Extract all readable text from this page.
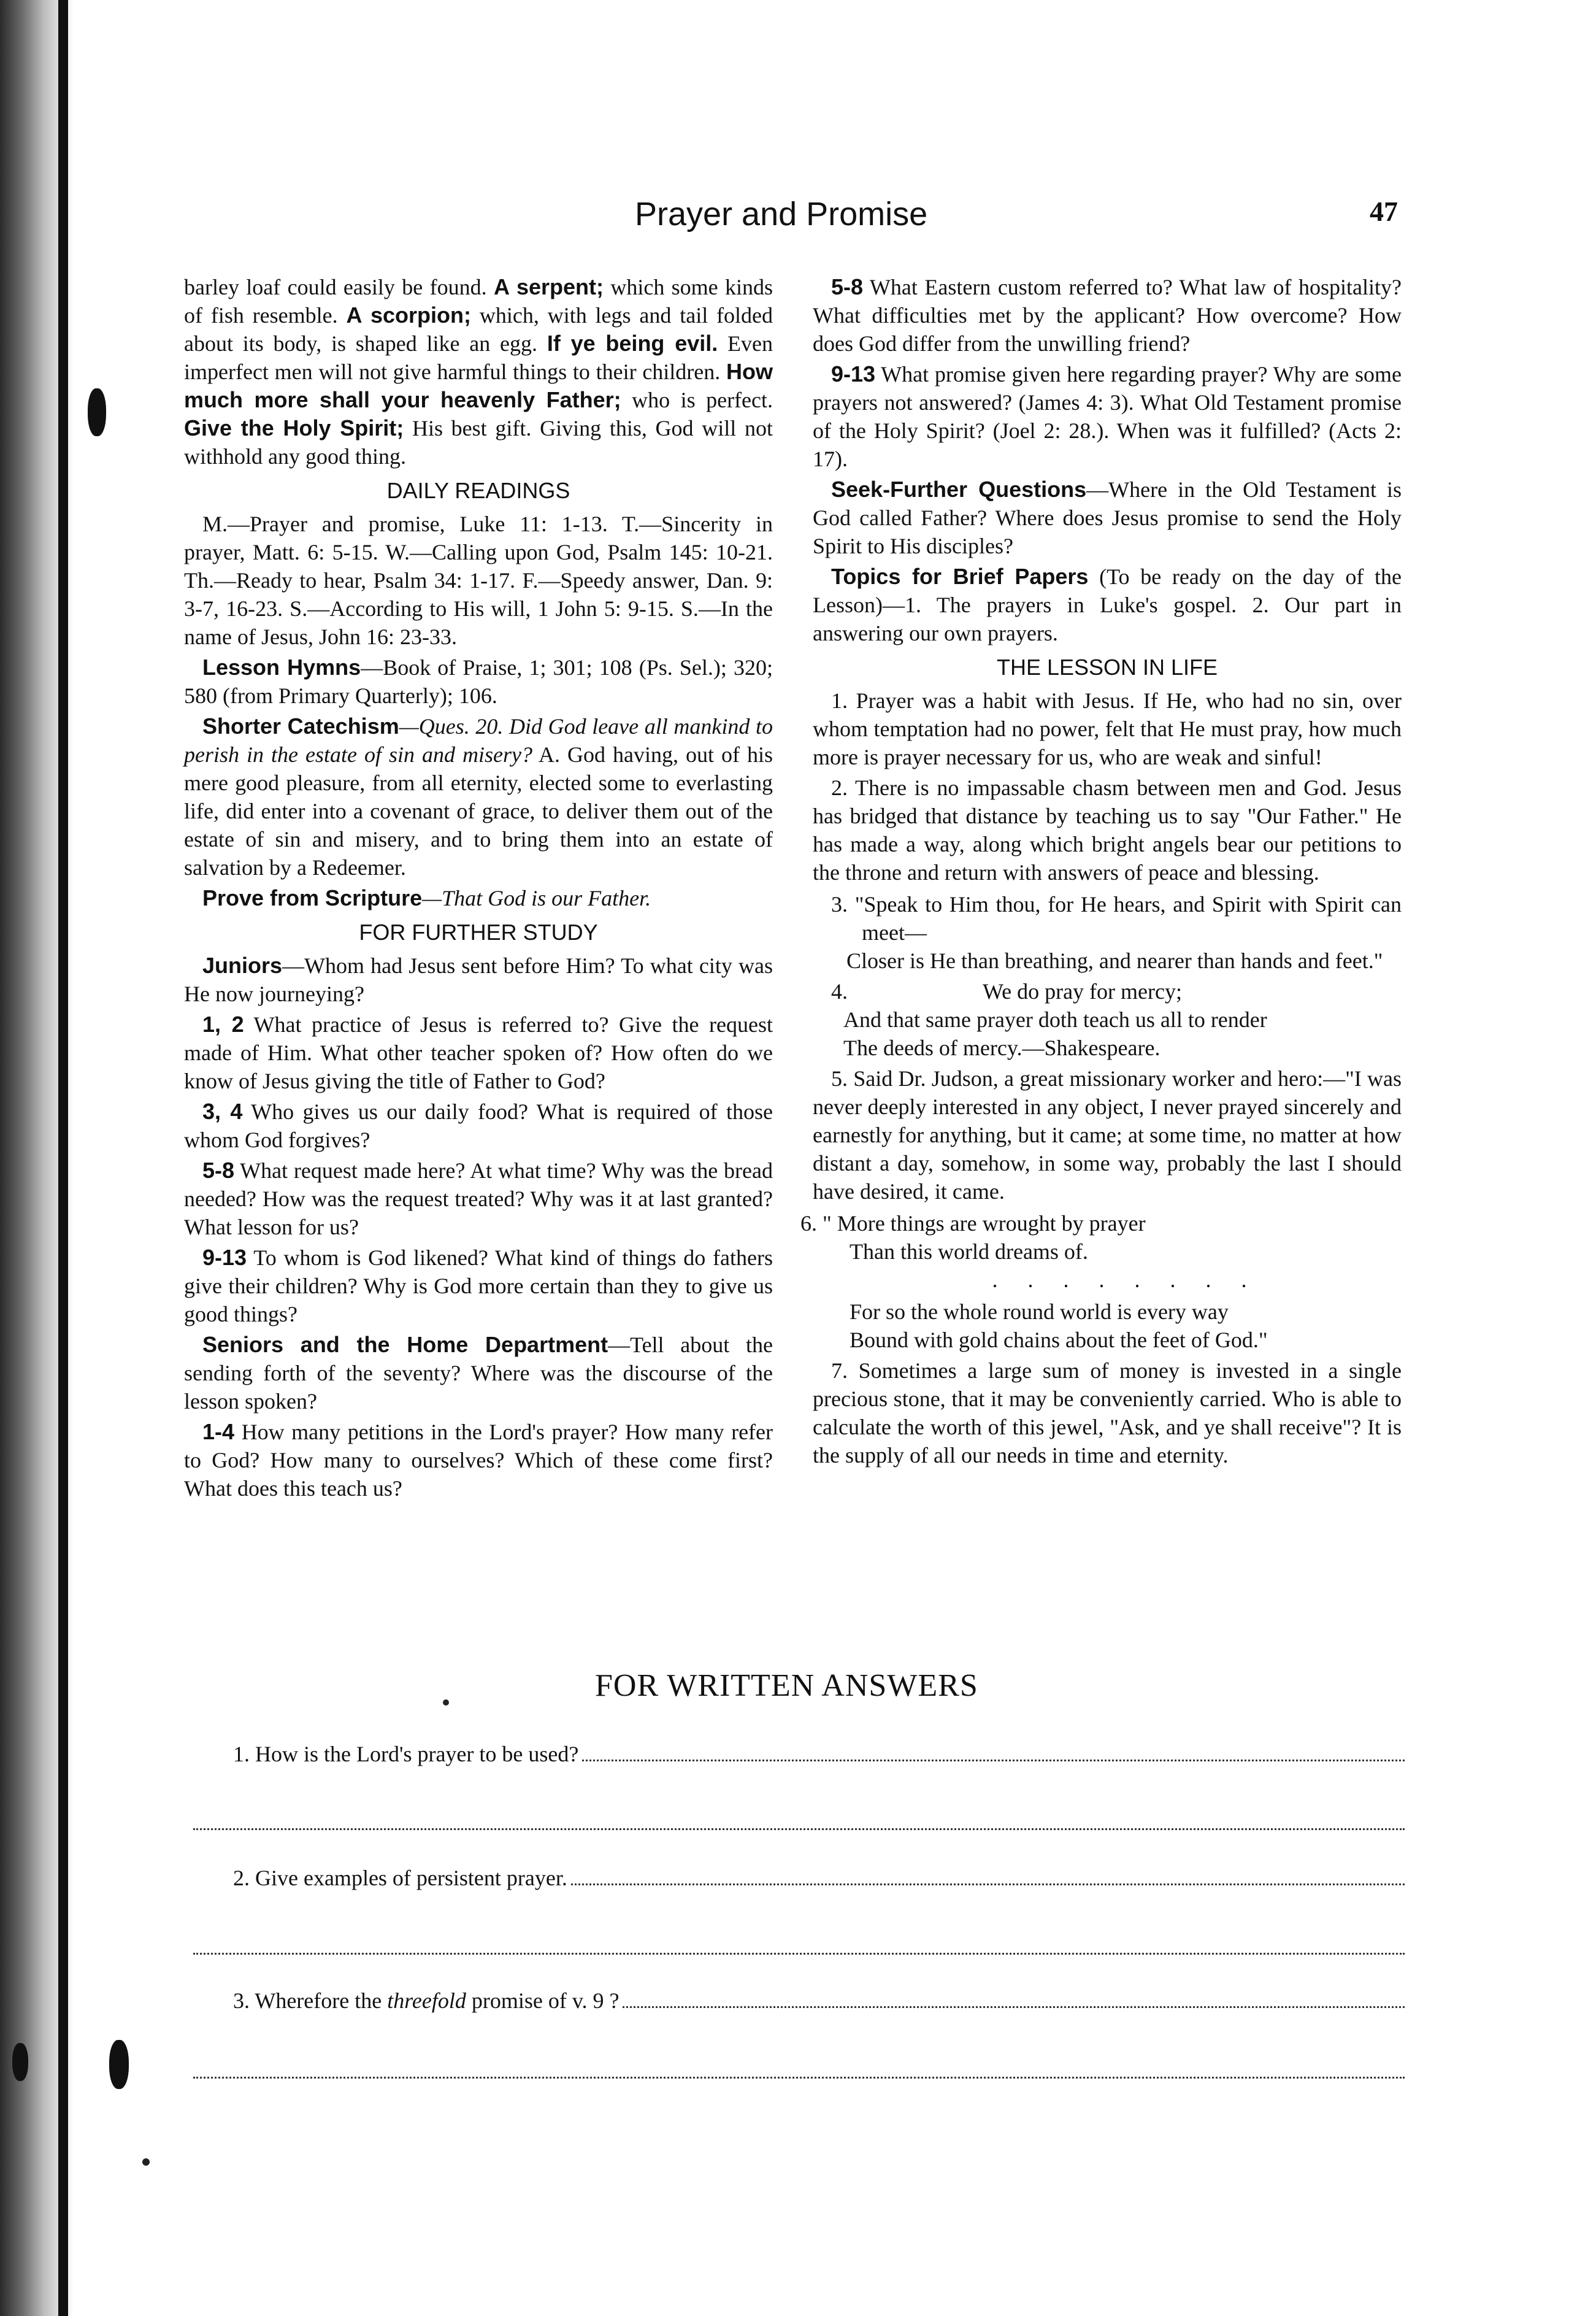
Prayer and Promise	47

barley loaf could easily be found. A serpent; which some kinds of fish resemble. A scorpion; which, with legs and tail folded about its body, is shaped like an egg. If ye being evil. Even imperfect men will not give harmful things to their children. How much more shall your heavenly Father; who is perfect. Give the Holy Spirit; His best gift. Giving this, God will not withhold any good thing.

DAILY READINGS

M.—Prayer and promise, Luke 11: 1-13. T.—Sincerity in prayer, Matt. 6: 5-15. W.—Calling upon God, Psalm 145: 10-21. Th.—Ready to hear, Psalm 34: 1-17. F.—Speedy answer, Dan. 9: 3-7, 16-23. S.—According to His will, 1 John 5: 9-15. S.—In the name of Jesus, John 16: 23-33.

Lesson Hymns—Book of Praise, 1; 301; 108 (Ps. Sel.); 320; 580 (from Primary Quarterly); 106.

Shorter Catechism—Ques. 20. Did God leave all mankind to perish in the estate of sin and misery? A. God having, out of his mere good pleasure, from all eternity, elected some to everlasting life, did enter into a covenant of grace, to deliver them out of the estate of sin and misery, and to bring them into an estate of salvation by a Redeemer.

Prove from Scripture—That God is our Father.

FOR FURTHER STUDY

Juniors—Whom had Jesus sent before Him? To what city was He now journeying?

1, 2 What practice of Jesus is referred to? Give the request made of Him. What other teacher spoken of? How often do we know of Jesus giving the title of Father to God?

3, 4 Who gives us our daily food? What is required of those whom God forgives?

5-8 What request made here? At what time? Why was the bread needed? How was the request treated? Why was it at last granted? What lesson for us?

9-13 To whom is God likened? What kind of things do fathers give their children? Why is God more certain than they to give us good things?

Seniors and the Home Department—Tell about the sending forth of the seventy? Where was the discourse of the lesson spoken?

1-4 How many petitions in the Lord's prayer? How many refer to God? How many to ourselves? Which of these come first? What does this teach us?

5-8 What Eastern custom referred to? What law of hospitality? What difficulties met by the applicant? How overcome? How does God differ from the unwilling friend?

9-13 What promise given here regarding prayer? Why are some prayers not answered? (James 4: 3). What Old Testament promise of the Holy Spirit? (Joel 2: 28.). When was it fulfilled? (Acts 2: 17).

Seek-Further Questions—Where in the Old Testament is God called Father? Where does Jesus promise to send the Holy Spirit to His disciples?

Topics for Brief Papers (To be ready on the day of the Lesson)—1. The prayers in Luke's gospel. 2. Our part in answering our own prayers.

THE LESSON IN LIFE

1. Prayer was a habit with Jesus. If He, who had no sin, over whom temptation had no power, felt that He must pray, how much more is prayer necessary for us, who are weak and sinful!

2. There is no impassable chasm between men and God. Jesus has bridged that distance by teaching us to say "Our Father." He has made a way, along which bright angels bear our petitions to the throne and return with answers of peace and blessing.

3. "Speak to Him thou, for He hears, and Spirit with Spirit can meet—
Closer is He than breathing, and nearer than hands and feet."
4.	We do pray for mercy;
And that same prayer doth teach us all to render
The deeds of mercy.—Shakespeare.

5. Said Dr. Judson, a great missionary worker and hero:—"I was never deeply interested in any object, I never prayed sincerely and earnestly for anything, but it came; at some time, no matter at how distant a day, somehow, in some way, probably the last I should have desired, it came.

6. " More things are wrought by prayer
Than this world dreams of.
. . . . . . . .
For so the whole round world is every way
Bound with gold chains about the feet of God."

7. Sometimes a large sum of money is invested in a single precious stone, that it may be conveniently carried. Who is able to calculate the worth of this jewel, "Ask, and ye shall receive"? It is the supply of all our needs in time and eternity.

FOR WRITTEN ANSWERS
1. How is the Lord's prayer to be used?
2. Give examples of persistent prayer.
3. Wherefore the threefold promise of v. 9 ?
